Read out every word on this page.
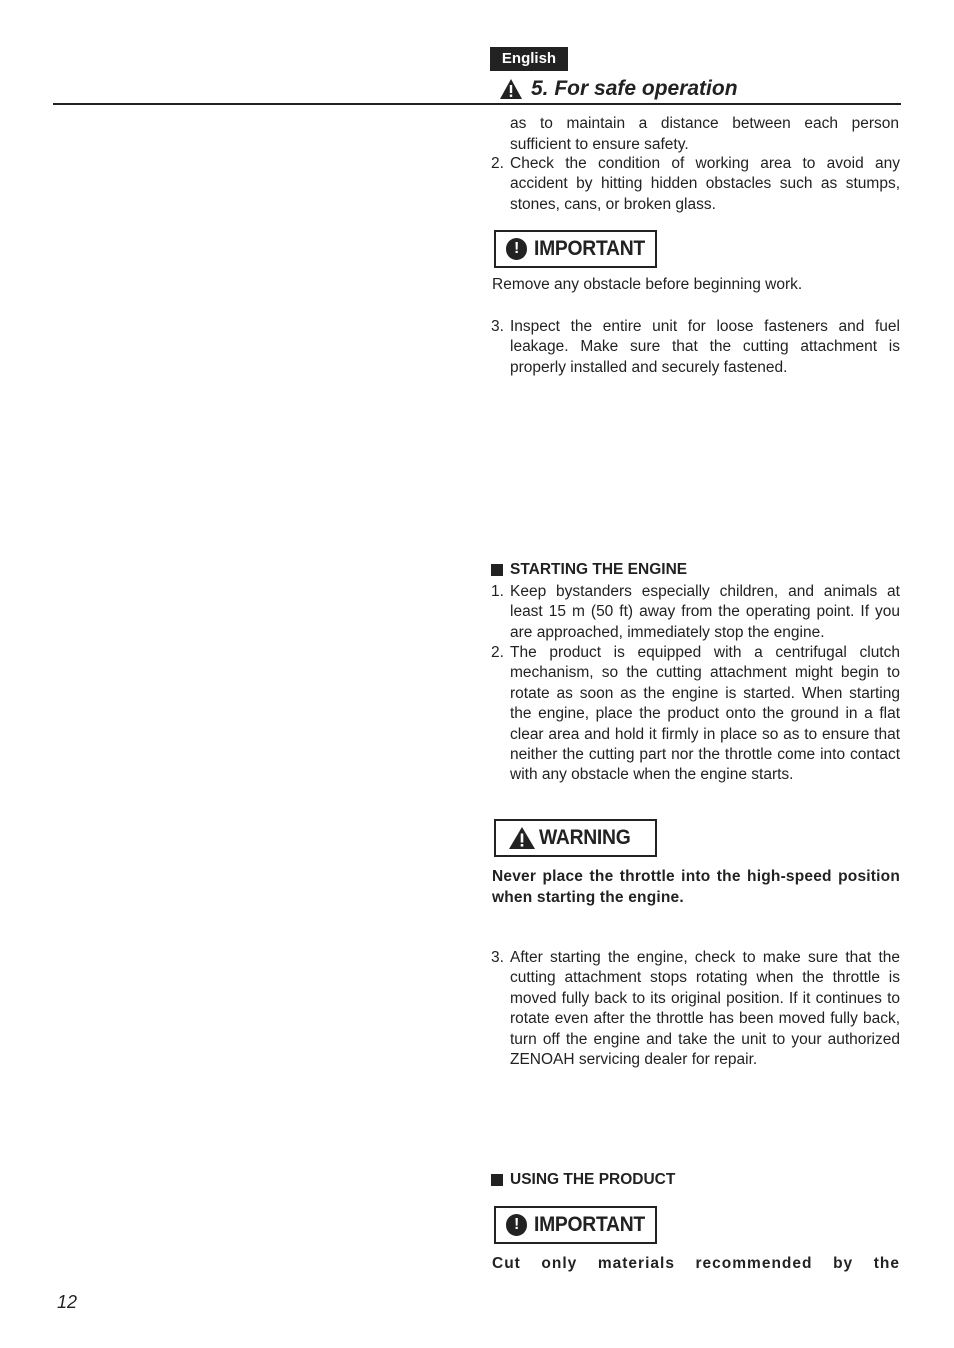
English
5. For safe operation
as to maintain a distance between each person sufficient to ensure safety.
2. Check the condition of working area to avoid any accident by hitting hidden obstacles such as stumps, stones, cans, or broken glass.
! IMPORTANT
Remove any obstacle before beginning work.
3. Inspect the entire unit for loose fasteners and fuel leakage. Make sure that the cutting attachment is properly installed and securely fastened.
STARTING THE ENGINE
1. Keep bystanders especially children, and animals at least 15 m (50 ft) away from the operating point. If you are approached, immediately stop the engine.
2. The product is equipped with a centrifugal clutch mechanism, so the cutting attachment might begin to rotate as soon as the engine is started. When starting the engine, place the product onto the ground in a flat clear area and hold it firmly in place so as to ensure that neither the cutting part nor the throttle come into contact with any obstacle when the engine starts.
WARNING
Never place the throttle into the high-speed position when starting the engine.
3. After starting the engine, check to make sure that the cutting attachment stops rotating when the throttle is moved fully back to its original position. If it continues to rotate even after the throttle has been moved fully back, turn off the engine and take the unit to your authorized ZENOAH servicing dealer for repair.
USING THE PRODUCT
! IMPORTANT
Cut only materials recommended by the
12
